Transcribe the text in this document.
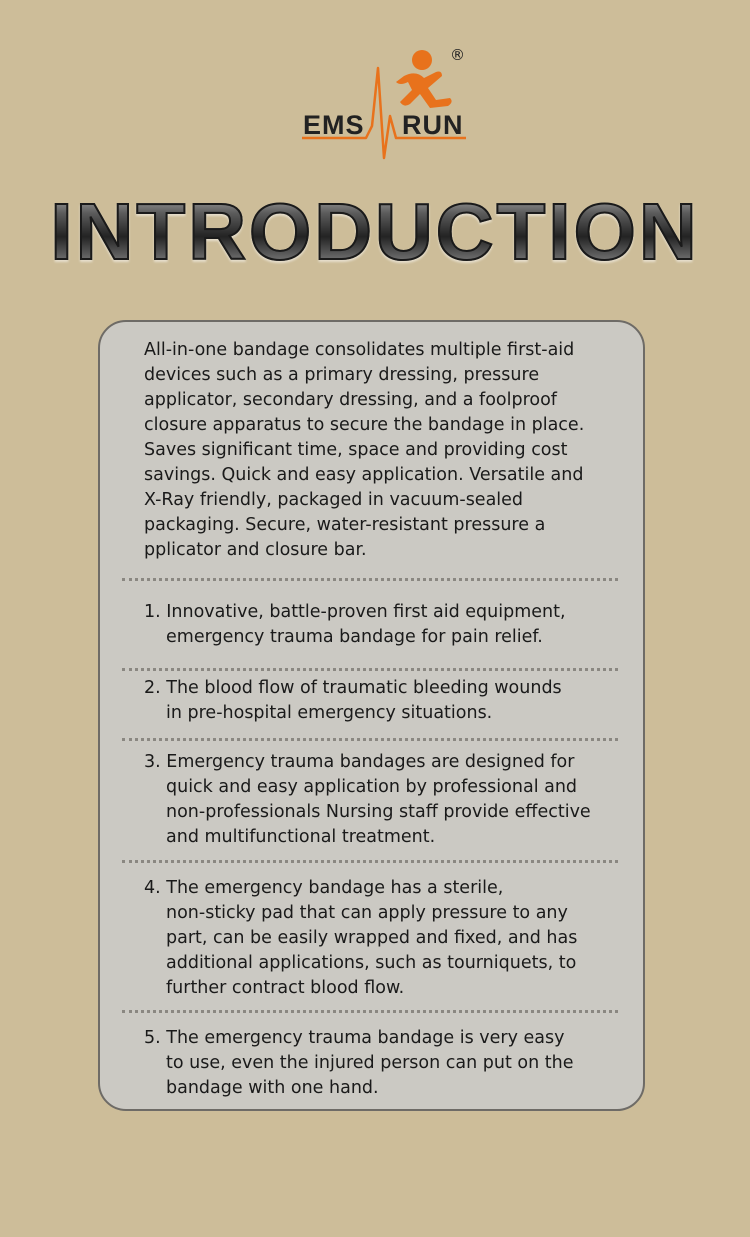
EMS RUN
®
INTRODUCTION

All-in-one bandage consolidates multiple first-aid devices such as a primary dressing, pressure applicator, secondary dressing, and a foolproof closure apparatus to secure the bandage in place. Saves significant time, space and providing cost savings. Quick and easy application. Versatile and X-Ray friendly, packaged in vacuum-sealed packaging. Secure, water-resistant pressure a pplicator and closure bar.

1. Innovative, battle-proven first aid equipment,
emergency trauma bandage for pain relief.
2. The blood flow of traumatic bleeding wounds
in pre-hospital emergency situations.
3. Emergency trauma bandages are designed for
quick and easy application by professional and non-professionals Nursing staff provide effective and multifunctional treatment.
4. The emergency bandage has a sterile,
non-sticky pad that can apply pressure to any part, can be easily wrapped and fixed, and has additional applications, such as tourniquets, to further contract blood flow.
5. The emergency trauma bandage is very easy
to use, even the injured person can put on the bandage with one hand.
